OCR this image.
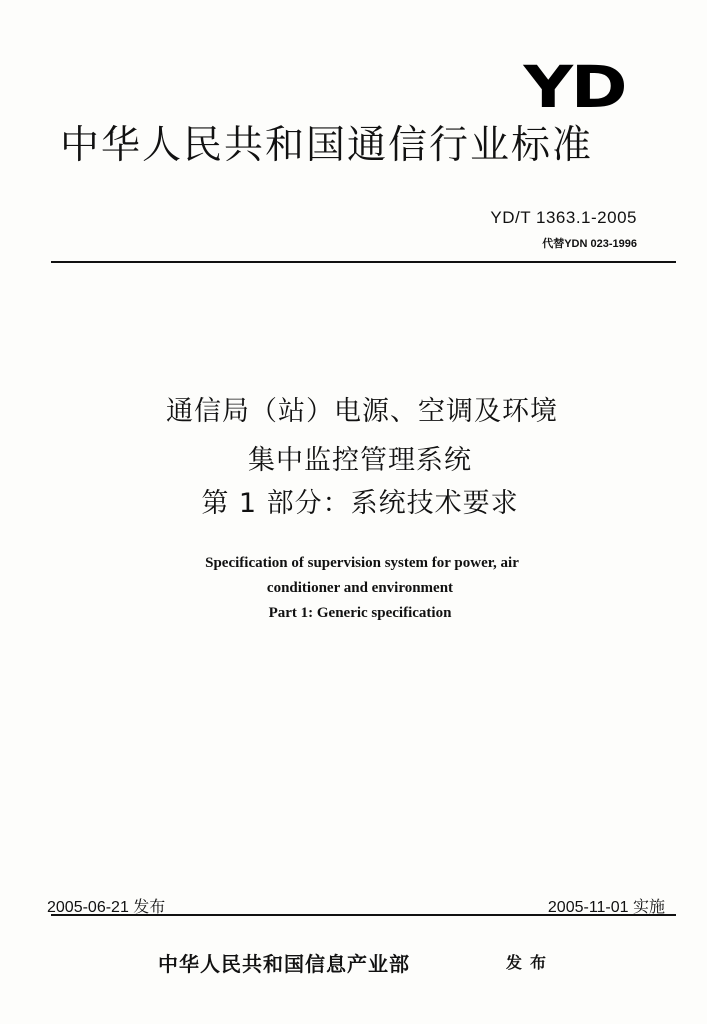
YD
中华人民共和国通信行业标准
YD/T 1363.1-2005
代替YDN 023-1996
通信局（站）电源、空调及环境
集中监控管理系统
第 1 部分：系统技术要求
Specification of supervision system for power, air
conditioner and environment
Part 1: Generic specification
2005-06-21 发布	2005-11-01 实施
中华人民共和国信息产业部	发布
